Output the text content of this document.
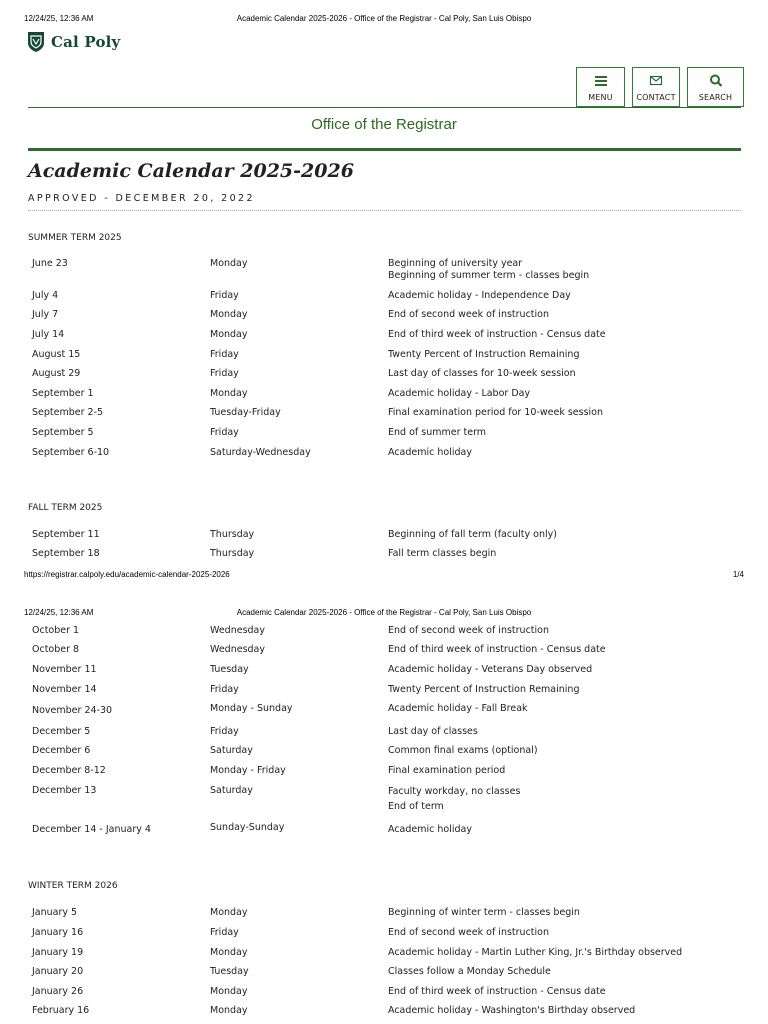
12/24/25, 12:36 AM	Academic Calendar 2025-2026 - Office of the Registrar - Cal Poly, San Luis Obispo
Cal Poly
MENU	CONTACT	SEARCH
Office of the Registrar
Academic Calendar 2025-2026
APPROVED - DECEMBER 20, 2022
SUMMER TERM 2025
June 23	Monday	Beginning of university year
Beginning of summer term - classes begin
July 4	Friday	Academic holiday - Independence Day
July 7	Monday	End of second week of instruction
July 14	Monday	End of third week of instruction - Census date
August 15	Friday	Twenty Percent of Instruction Remaining
August 29	Friday	Last day of classes for 10-week session
September 1	Monday	Academic holiday - Labor Day
September 2-5	Tuesday-Friday	Final examination period for 10-week session
September 5	Friday	End of summer term
September 6-10	Saturday-Wednesday	Academic holiday
FALL TERM 2025
September 11	Thursday	Beginning of fall term (faculty only)
September 18	Thursday	Fall term classes begin
https://registrar.calpoly.edu/academic-calendar-2025-2026	1/4
12/24/25, 12:36 AM	Academic Calendar 2025-2026 - Office of the Registrar - Cal Poly, San Luis Obispo
October 1	Wednesday	End of second week of instruction
October 8	Wednesday	End of third week of instruction - Census date
November 11	Tuesday	Academic holiday - Veterans Day observed
November 14	Friday	Twenty Percent of Instruction Remaining
November 24-30	Monday - Sunday	Academic holiday - Fall Break
December 5	Friday	Last day of classes
December 6	Saturday	Common final exams (optional)
December 8-12	Monday - Friday	Final examination period
December 13	Saturday	Faculty workday, no classes
End of term
December 14 - January 4	Sunday-Sunday	Academic holiday
WINTER TERM 2026
January 5	Monday	Beginning of winter term - classes begin
January 16	Friday	End of second week of instruction
January 19	Monday	Academic holiday - Martin Luther King, Jr.'s Birthday observed
January 20	Tuesday	Classes follow a Monday Schedule
January 26	Monday	End of third week of instruction - Census date
February 16	Monday	Academic holiday - Washington's Birthday observed
